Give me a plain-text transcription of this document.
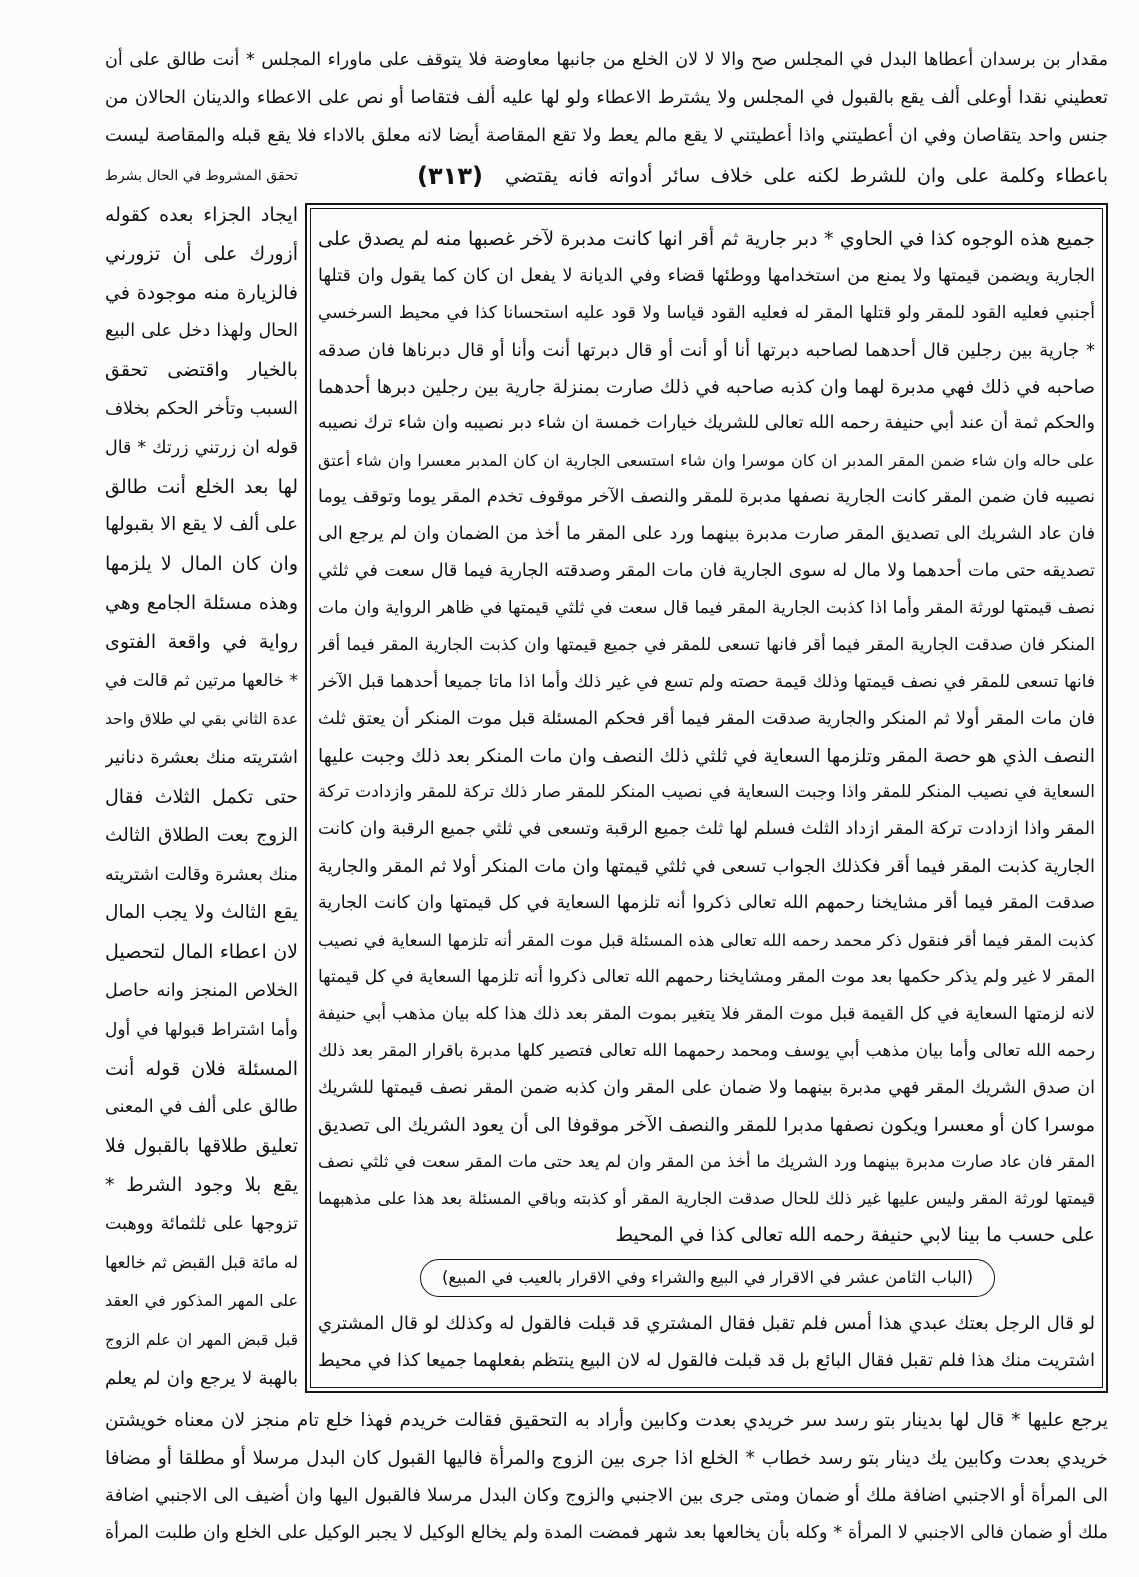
مقدار بن برسدان أعطاها البدل في المجلس صح والا لا لان الخلع من جانبها معاوضة فلا يتوقف على ماوراء المجلس * أنت طالق على أن
تعطيني نقدا أوعلى ألف يقع بالقبول في المجلس ولا يشترط الاعطاء ولو لها عليه ألف فتقاصا أو نص على الاعطاء والدينان الحالان من
جنس واحد يتقاصان وفي ان أعطيتني واذا أعطيتني لا يقع مالم يعط ولا تقع المقاصة أيضا لانه معلق بالاداء فلا يقع قبله والمقاصة ليست
باعطاء وكلمة على وان للشرط لكنه على خلاف سائر أدواته فانه يقتضي
(٣١٣)
تحقق المشروط في الحال بشرط
ايجاد الجزاء بعده كقوله
أزورك على أن تزورني
فالزيارة منه موجودة في
الحال ولهذا دخل على البيع
بالخيار واقتضى تحقق
السبب وتأخر الحكم بخلاف
قوله ان زرتني زرتك * قال
لها بعد الخلع أنت طالق
على ألف لا يقع الا بقبولها
وان كان المال لا يلزمها
وهذه مسئلة الجامع وهي
رواية في واقعة الفتوى
* خالعها مرتين ثم قالت في
عدة الثاني بقي لي طلاق واحد
اشتريته منك بعشرة دنانير
حتى تكمل الثلاث فقال
الزوج بعت الطلاق الثالث
منك بعشرة وقالت اشتريته
يقع الثالث ولا يجب المال
لان اعطاء المال لتحصيل
الخلاص المنجز وانه حاصل
وأما اشتراط قبولها في أول
المسئلة فلان قوله أنت
طالق على ألف في المعنى
تعليق طلاقها بالقبول فلا
يقع بلا وجود الشرط *
تزوجها على ثلثمائة ووهبت
له مائة قبل القبض ثم خالعها
على المهر المذكور في العقد
قبل قبض المهر ان علم الزوج
بالهبة لا يرجع وان لم يعلم
جميع هذه الوجوه كذا في الحاوي * دبر جارية ثم أقر انها كانت مدبرة لآخر غصبها منه لم يصدق على
الجارية ويضمن قيمتها ولا يمنع من استخدامها ووطئها قضاء وفي الديانة لا يفعل ان كان كما يقول وان قتلها
أجنبي فعليه القود للمقر ولو قتلها المقر له فعليه القود قياسا ولا قود عليه استحسانا كذا في محيط السرخسي
* جارية بين رجلين قال أحدهما لصاحبه دبرتها أنا أو أنت أو قال دبرتها أنت وأنا أو قال دبرناها فان صدقه
صاحبه في ذلك فهي مدبرة لهما وان كذبه صاحبه في ذلك صارت بمنزلة جارية بين رجلين دبرها أحدهما
والحكم ثمة أن عند أبي حنيفة رحمه الله تعالى للشريك خيارات خمسة ان شاء دبر نصيبه وان شاء ترك نصيبه
على حاله وان شاء ضمن المقر المدبر ان كان موسرا وان شاء استسعى الجارية ان كان المدبر معسرا وان شاء أعتق
نصيبه فان ضمن المقر كانت الجارية نصفها مدبرة للمقر والنصف الآخر موقوف تخدم المقر يوما وتوقف يوما
فان عاد الشريك الى تصديق المقر صارت مدبرة بينهما ورد على المقر ما أخذ من الضمان وان لم يرجع الى
تصديقه حتى مات أحدهما ولا مال له سوى الجارية فان مات المقر وصدقته الجارية فيما قال سعت في ثلثي
نصف قيمتها لورثة المقر وأما اذا كذبت الجارية المقر فيما قال سعت في ثلثي قيمتها في ظاهر الرواية وان مات
المنكر فان صدقت الجارية المقر فيما أقر فانها تسعى للمقر في جميع قيمتها وان كذبت الجارية المقر فيما أقر
فانها تسعى للمقر في نصف قيمتها وذلك قيمة حصته ولم تسع في غير ذلك وأما اذا ماتا جميعا أحدهما قبل الآخر
فان مات المقر أولا ثم المنكر والجارية صدقت المقر فيما أقر فحكم المسئلة قبل موت المنكر أن يعتق ثلث
النصف الذي هو حصة المقر وتلزمها السعاية في ثلثي ذلك النصف وان مات المنكر بعد ذلك وجبت عليها
السعاية في نصيب المنكر للمقر واذا وجبت السعاية في نصيب المنكر للمقر صار ذلك تركة للمقر وازدادت تركة
المقر واذا ازدادت تركة المقر ازداد الثلث فسلم لها ثلث جميع الرقبة وتسعى في ثلثي جميع الرقبة وان كانت
الجارية كذبت المقر فيما أقر فكذلك الجواب تسعى في ثلثي قيمتها وان مات المنكر أولا ثم المقر والجارية
صدقت المقر فيما أقر مشايخنا رحمهم الله تعالى ذكروا أنه تلزمها السعاية في كل قيمتها وان كانت الجارية
كذبت المقر فيما أقر فنقول ذكر محمد رحمه الله تعالى هذه المسئلة قبل موت المقر أنه تلزمها السعاية في نصيب
المقر لا غير ولم يذكر حكمها بعد موت المقر ومشايخنا رحمهم الله تعالى ذكروا أنه تلزمها السعاية في كل قيمتها
لانه لزمتها السعاية في كل القيمة قبل موت المقر فلا يتغير بموت المقر بعد ذلك هذا كله بيان مذهب أبي حنيفة
رحمه الله تعالى وأما بيان مذهب أبي يوسف ومحمد رحمهما الله تعالى فتصير كلها مدبرة باقرار المقر بعد ذلك
ان صدق الشريك المقر فهي مدبرة بينهما ولا ضمان على المقر وان كذبه ضمن المقر نصف قيمتها للشريك
موسرا كان أو معسرا ويكون نصفها مدبرا للمقر والنصف الآخر موقوفا الى أن يعود الشريك الى تصديق
المقر فان عاد صارت مدبرة بينهما ورد الشريك ما أخذ من المقر وان لم يعد حتى مات المقر سعت في ثلثي نصف
قيمتها لورثة المقر وليس عليها غير ذلك للحال صدقت الجارية المقر أو كذبته وباقي المسئلة بعد هذا على مذهبهما
على حسب ما بينا لابي حنيفة رحمه الله تعالى كذا في المحيط
(الباب الثامن عشر في الاقرار في البيع والشراء وفي الاقرار بالعيب في المبيع)
لو قال الرجل بعتك عبدي هذا أمس فلم تقبل فقال المشتري قد قبلت فالقول له وكذلك لو قال المشتري
اشتريت منك هذا فلم تقبل فقال البائع بل قد قبلت فالقول له لان البيع ينتظم بفعلهما جميعا كذا في محيط
يرجع عليها * قال لها بدينار بتو رسد سر خريدي بعدت وكابين وأراد به التحقيق فقالت خريدم فهذا خلع تام منجز لان معناه خويشتن
خريدي بعدت وكابين يك دينار بتو رسد خطاب * الخلع اذا جرى بين الزوج والمرأة فاليها القبول كان البدل مرسلا أو مطلقا أو مضافا
الى المرأة أو الاجنبي اضافة ملك أو ضمان ومتى جرى بين الاجنبي والزوج وكان البدل مرسلا فالقبول اليها وان أضيف الى الاجنبي اضافة
ملك أو ضمان فالى الاجنبي لا المرأة * وكله بأن يخالعها بعد شهر فمضت المدة ولم يخالع الوكيل لا يجبر الوكيل على الخلع وان طلبت المرأة
